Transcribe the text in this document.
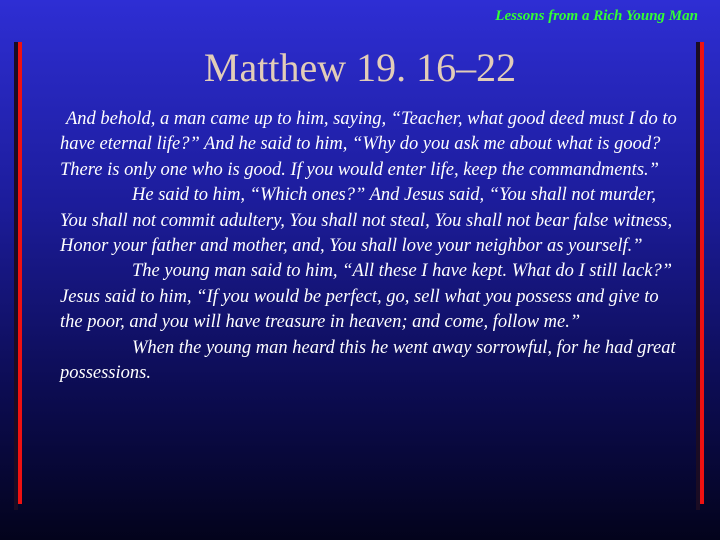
Lessons from a Rich Young Man
Matthew 19. 16–22

And behold, a man came up to him, saying, “Teacher, what good deed must I do to have eternal life?” And he said to him, “Why do you ask me about what is good? There is only one who is good. If you would enter life, keep the commandments.”

He said to him, “Which ones?” And Jesus said, “You shall not murder, You shall not commit adultery, You shall not steal, You shall not bear false witness, Honor your father and mother, and, You shall love your neighbor as yourself.”

The young man said to him, “All these I have kept. What do I still lack?” Jesus said to him, “If you would be perfect, go, sell what you possess and give to the poor, and you will have treasure in heaven; and come, follow me.”

When the young man heard this he went away sorrowful, for he had great possessions.
